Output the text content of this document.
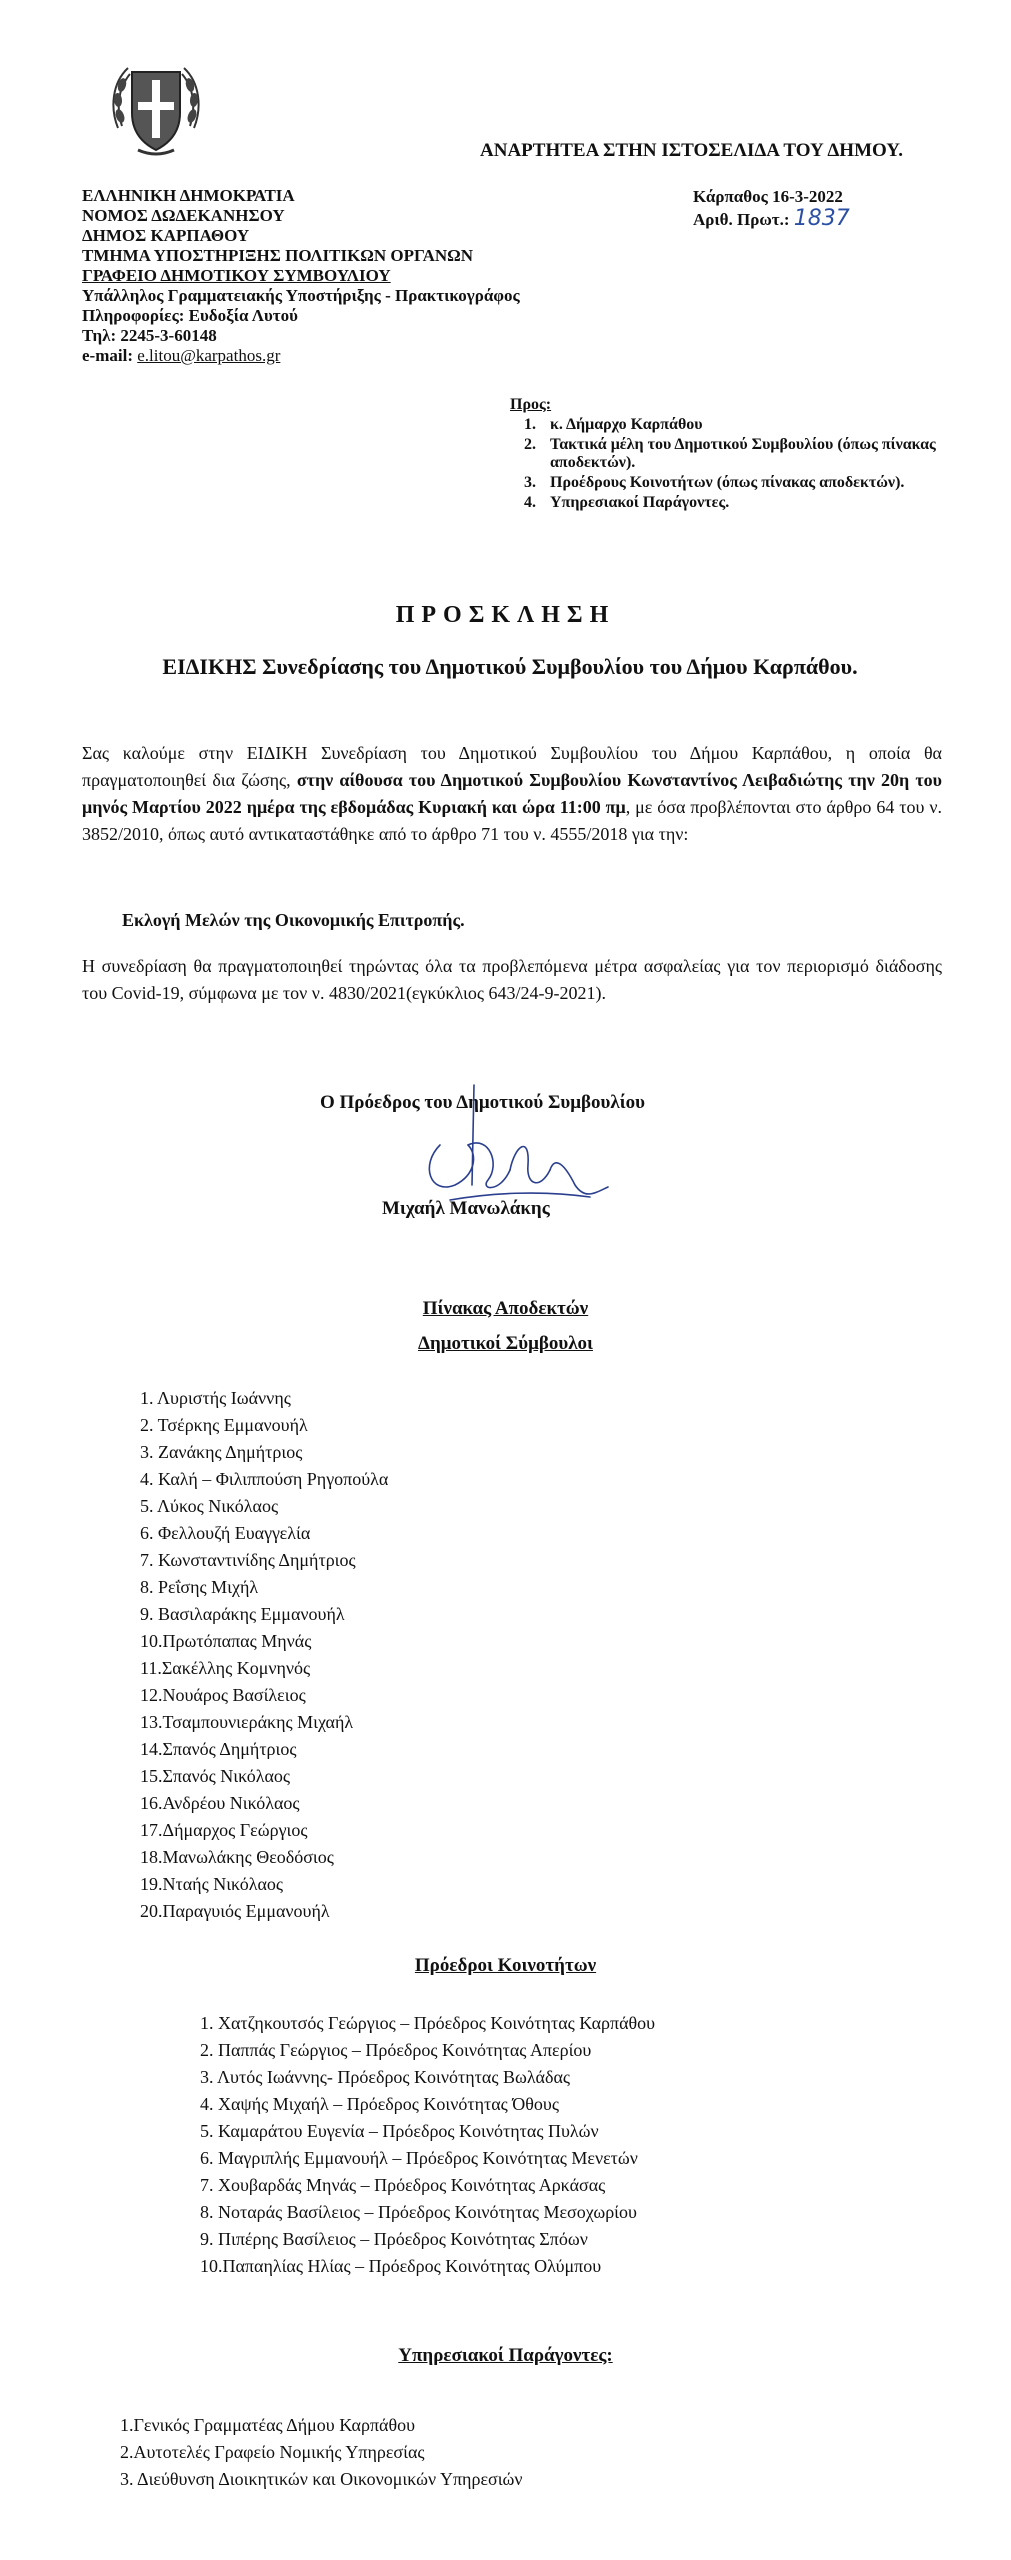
ΑΝΑΡΤΗΤΕΑ ΣΤΗΝ ΙΣΤΟΣΕΛΙΔΑ ΤΟΥ ΔΗΜΟΥ.
ΕΛΛΗΝΙΚΗ ΔΗΜΟΚΡΑΤΙΑ
ΝΟΜΟΣ ΔΩΔΕΚΑΝΗΣΟΥ
ΔΗΜΟΣ ΚΑΡΠΑΘΟΥ
ΤΜΗΜΑ ΥΠΟΣΤΗΡΙΞΗΣ ΠΟΛΙΤΙΚΩΝ ΟΡΓΑΝΩΝ
ΓΡΑΦΕΙΟ ΔΗΜΟΤΙΚΟΥ ΣΥΜΒΟΥΛΙΟΥ
Υπάλληλος Γραμματειακής Υποστήριξης - Πρακτικογράφος
Πληροφορίες: Ευδοξία Λυτού
Τηλ: 2245-3-60148
e-mail: e.litou@karpathos.gr
Κάρπαθος 16-3-2022
Αριθ. Πρωτ.: 1837
Προς:
1. κ. Δήμαρχο Καρπάθου
2. Τακτικά μέλη του Δημοτικού Συμβουλίου (όπως πίνακας αποδεκτών).
3. Προέδρους Κοινοτήτων (όπως πίνακας αποδεκτών).
4. Υπηρεσιακοί Παράγοντες.
ΠΡΟΣΚΛΗΣΗ
ΕΙΔΙΚΗΣ Συνεδρίασης του Δημοτικού Συμβουλίου του Δήμου Καρπάθου.
Σας καλούμε στην ΕΙΔΙΚΗ Συνεδρίαση του Δημοτικού Συμβουλίου του Δήμου Καρπάθου, η οποία θα πραγματοποιηθεί δια ζώσης, στην αίθουσα του Δημοτικού Συμβουλίου Κωνσταντίνος Λειβαδιώτης την 20η του μηνός Μαρτίου 2022 ημέρα της εβδομάδας Κυριακή και ώρα 11:00 πμ, με όσα προβλέπονται στο άρθρο 64 του ν. 3852/2010, όπως αυτό αντικαταστάθηκε από το άρθρο 71 του ν. 4555/2018 για την:
Εκλογή Μελών της Οικονομικής Επιτροπής.
Η συνεδρίαση θα πραγματοποιηθεί τηρώντας όλα τα προβλεπόμενα μέτρα ασφαλείας για τον περιορισμό διάδοσης του Covid-19, σύμφωνα με τον ν. 4830/2021(εγκύκλιος 643/24-9-2021).
Ο Πρόεδρος του Δημοτικού Συμβουλίου
Μιχαήλ Μανωλάκης
Πίνακας Αποδεκτών
Δημοτικοί Σύμβουλοι
1. Λυριστής Ιωάννης
2. Τσέρκης Εμμανουήλ
3. Ζανάκης Δημήτριος
4. Καλή – Φιλιππούση Ρηγοπούλα
5. Λύκος Νικόλαος
6. Φελλουζή Ευαγγελία
7. Κωνσταντινίδης Δημήτριος
8. Ρεΐσης Μιχήλ
9. Βασιλαράκης Εμμανουήλ
10.Πρωτόπαπας Μηνάς
11.Σακέλλης Κομνηνός
12.Νουάρος Βασίλειος
13.Τσαμπουνιεράκης Μιχαήλ
14.Σπανός Δημήτριος
15.Σπανός Νικόλαος
16.Ανδρέου Νικόλαος
17.Δήμαρχος Γεώργιος
18.Μανωλάκης Θεοδόσιος
19.Νταής Νικόλαος
20.Παραγυιός Εμμανουήλ
Πρόεδροι Κοινοτήτων
1. Χατζηκουτσός Γεώργιος – Πρόεδρος Κοινότητας Καρπάθου
2. Παππάς Γεώργιος – Πρόεδρος Κοινότητας Απερίου
3. Λυτός Ιωάννης- Πρόεδρος Κοινότητας Βωλάδας
4. Χαψής Μιχαήλ – Πρόεδρος Κοινότητας Όθους
5. Καμαράτου Ευγενία – Πρόεδρος Κοινότητας Πυλών
6. Μαγριπλής Εμμανουήλ – Πρόεδρος Κοινότητας Μενετών
7. Χουβαρδάς Μηνάς – Πρόεδρος Κοινότητας Αρκάσας
8. Νοταράς Βασίλειος – Πρόεδρος Κοινότητας Μεσοχωρίου
9. Πιπέρης Βασίλειος – Πρόεδρος Κοινότητας Σπόων
10.Παπαηλίας Ηλίας – Πρόεδρος Κοινότητας Ολύμπου
Υπηρεσιακοί Παράγοντες:
1.Γενικός Γραμματέας Δήμου Καρπάθου
2.Αυτοτελές Γραφείο Νομικής Υπηρεσίας
3. Διεύθυνση Διοικητικών και Οικονομικών Υπηρεσιών
